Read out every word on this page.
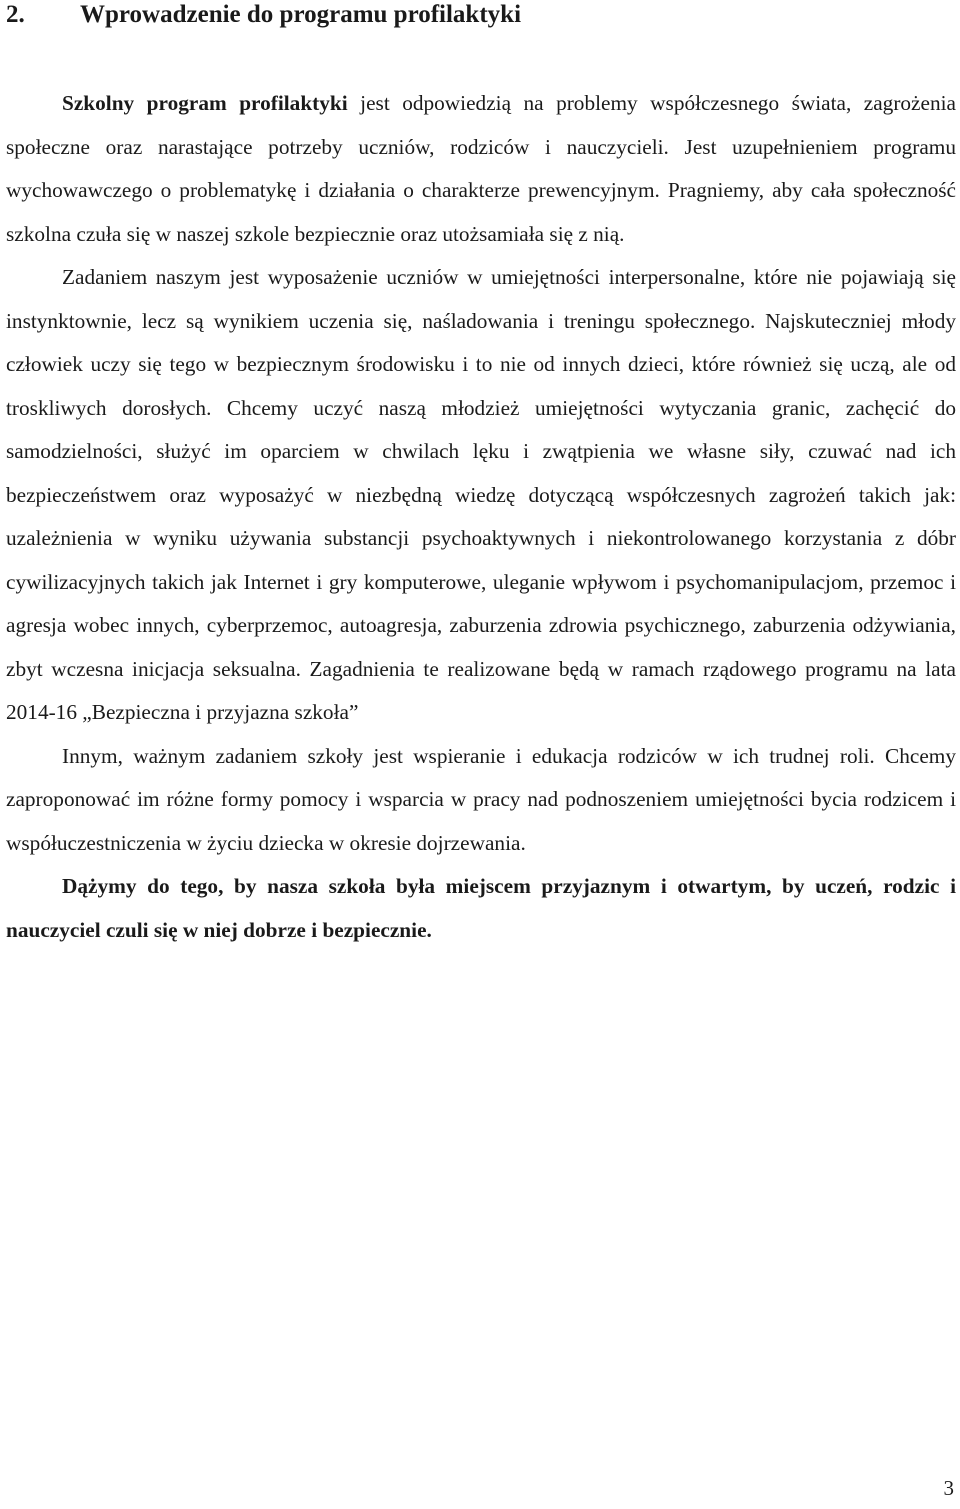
2.	Wprowadzenie do programu profilaktyki

Szkolny program profilaktyki jest odpowiedzią na problemy współczesnego świata, zagrożenia społeczne oraz narastające potrzeby uczniów, rodziców i nauczycieli. Jest uzupełnieniem programu wychowawczego o problematykę i działania o charakterze prewencyjnym. Pragniemy, aby cała społeczność szkolna czuła się w naszej szkole bezpiecznie oraz utożsamiała się z nią.

Zadaniem naszym jest wyposażenie uczniów w umiejętności interpersonalne, które nie pojawiają się instynktownie, lecz są wynikiem uczenia się, naśladowania i treningu społecznego. Najskuteczniej młody człowiek uczy się tego w bezpiecznym środowisku i to nie od innych dzieci, które również się uczą, ale od troskliwych dorosłych. Chcemy uczyć naszą młodzież umiejętności wytyczania granic, zachęcić do samodzielności, służyć im oparciem w chwilach lęku i zwątpienia we własne siły, czuwać nad ich bezpieczeństwem oraz wyposażyć w niezbędną wiedzę dotyczącą współczesnych zagrożeń takich jak: uzależnienia w wyniku używania substancji psychoaktywnych i niekontrolowanego korzystania z dóbr cywilizacyjnych takich jak Internet i gry komputerowe, uleganie wpływom i psychomanipulacjom, przemoc i agresja wobec innych, cyberprzemoc, autoagresja, zaburzenia zdrowia psychicznego, zaburzenia odżywiania, zbyt wczesna inicjacja seksualna. Zagadnienia te realizowane będą w ramach rządowego programu na lata 2014-16 „Bezpieczna i przyjazna szkoła”

Innym, ważnym zadaniem szkoły jest wspieranie i edukacja rodziców w ich trudnej roli. Chcemy zaproponować im różne formy pomocy i wsparcia w pracy nad podnoszeniem umiejętności bycia rodzicem i współuczestniczenia w życiu dziecka w okresie dojrzewania.

Dążymy do tego, by nasza szkoła była miejscem przyjaznym i otwartym, by uczeń, rodzic i nauczyciel czuli się w niej dobrze i bezpiecznie.

3
